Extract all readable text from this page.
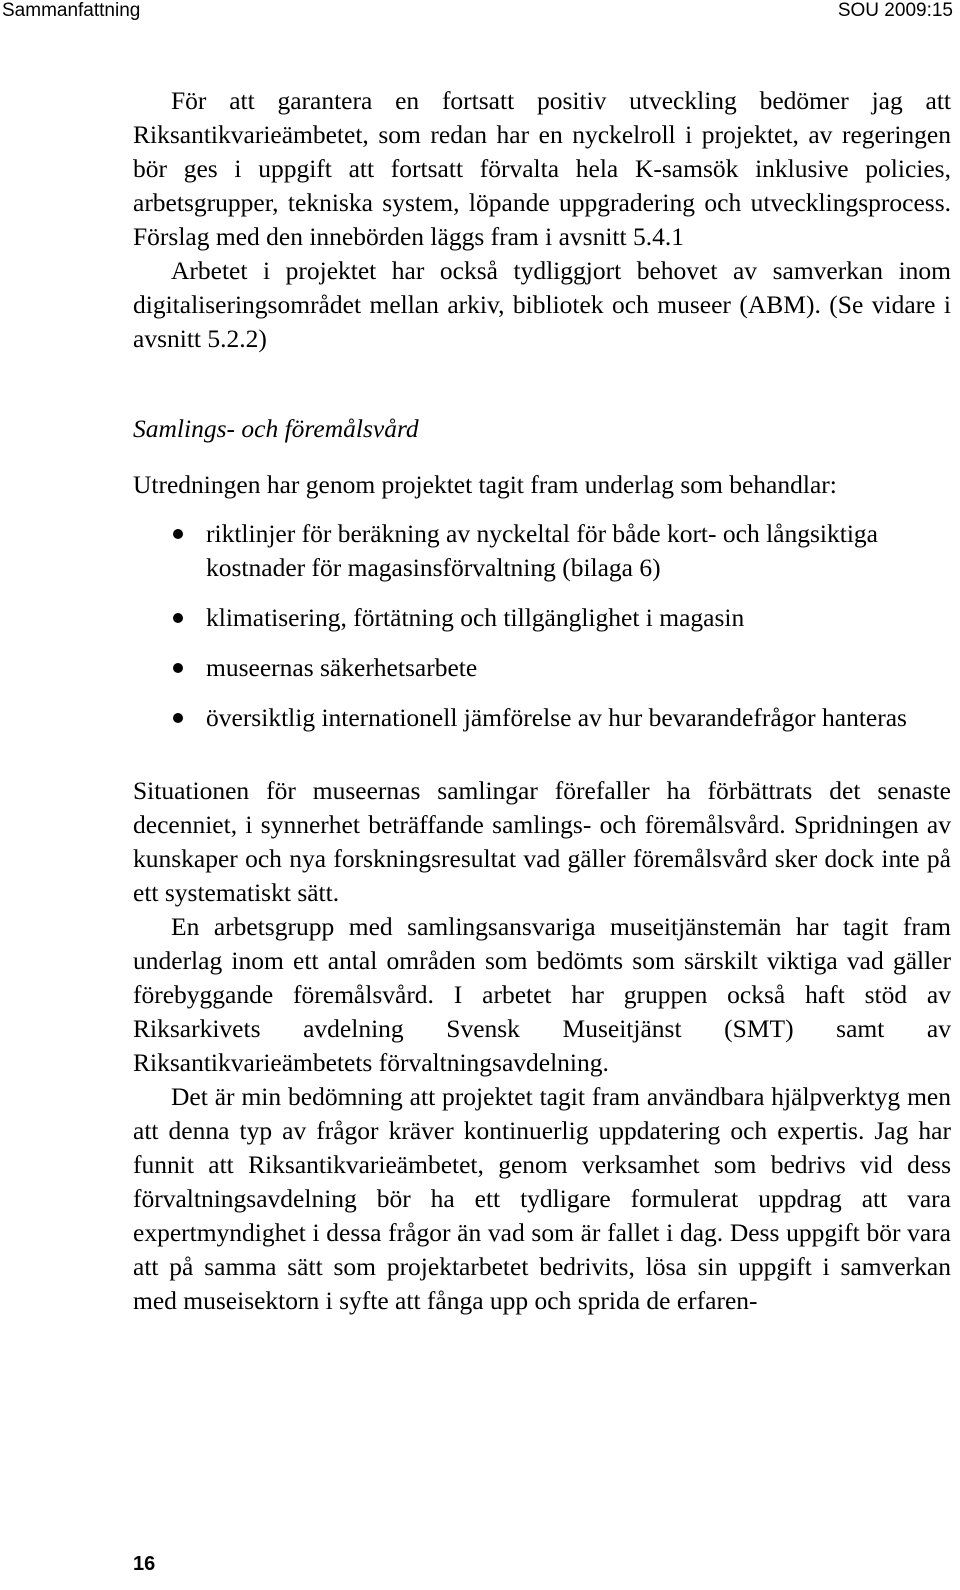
Sammanfattning	SOU 2009:15

För att garantera en fortsatt positiv utveckling bedömer jag att Riksantikvarieämbetet, som redan har en nyckelroll i projektet, av regeringen bör ges i uppgift att fortsatt förvalta hela K-samsök inklusive policies, arbetsgrupper, tekniska system, löpande uppgradering och utvecklingsprocess. Förslag med den innebörden läggs fram i avsnitt 5.4.1

Arbetet i projektet har också tydliggjort behovet av samverkan inom digitaliseringsområdet mellan arkiv, bibliotek och museer (ABM). (Se vidare i avsnitt 5.2.2)

Samlings- och föremålsvård

Utredningen har genom projektet tagit fram underlag som behandlar:

riktlinjer för beräkning av nyckeltal för både kort- och långsiktiga kostnader för magasinsförvaltning (bilaga 6)
klimatisering, förtätning och tillgänglighet i magasin
museernas säkerhetsarbete
översiktlig internationell jämförelse av hur bevarandefrågor hanteras

Situationen för museernas samlingar förefaller ha förbättrats det senaste decenniet, i synnerhet beträffande samlings- och föremålsvård. Spridningen av kunskaper och nya forskningsresultat vad gäller föremålsvård sker dock inte på ett systematiskt sätt.

En arbetsgrupp med samlingsansvariga museitjänstemän har tagit fram underlag inom ett antal områden som bedömts som särskilt viktiga vad gäller förebyggande föremålsvård. I arbetet har gruppen också haft stöd av Riksarkivets avdelning Svensk Museitjänst (SMT) samt av Riksantikvarieämbetets förvaltningsavdelning.

Det är min bedömning att projektet tagit fram användbara hjälpverktyg men att denna typ av frågor kräver kontinuerlig uppdatering och expertis. Jag har funnit att Riksantikvarieämbetet, genom verksamhet som bedrivs vid dess förvaltningsavdelning bör ha ett tydligare formulerat uppdrag att vara expertmyndighet i dessa frågor än vad som är fallet i dag. Dess uppgift bör vara att på samma sätt som projektarbetet bedrivits, lösa sin uppgift i samverkan med museisektorn i syfte att fånga upp och sprida de erfaren-

16
